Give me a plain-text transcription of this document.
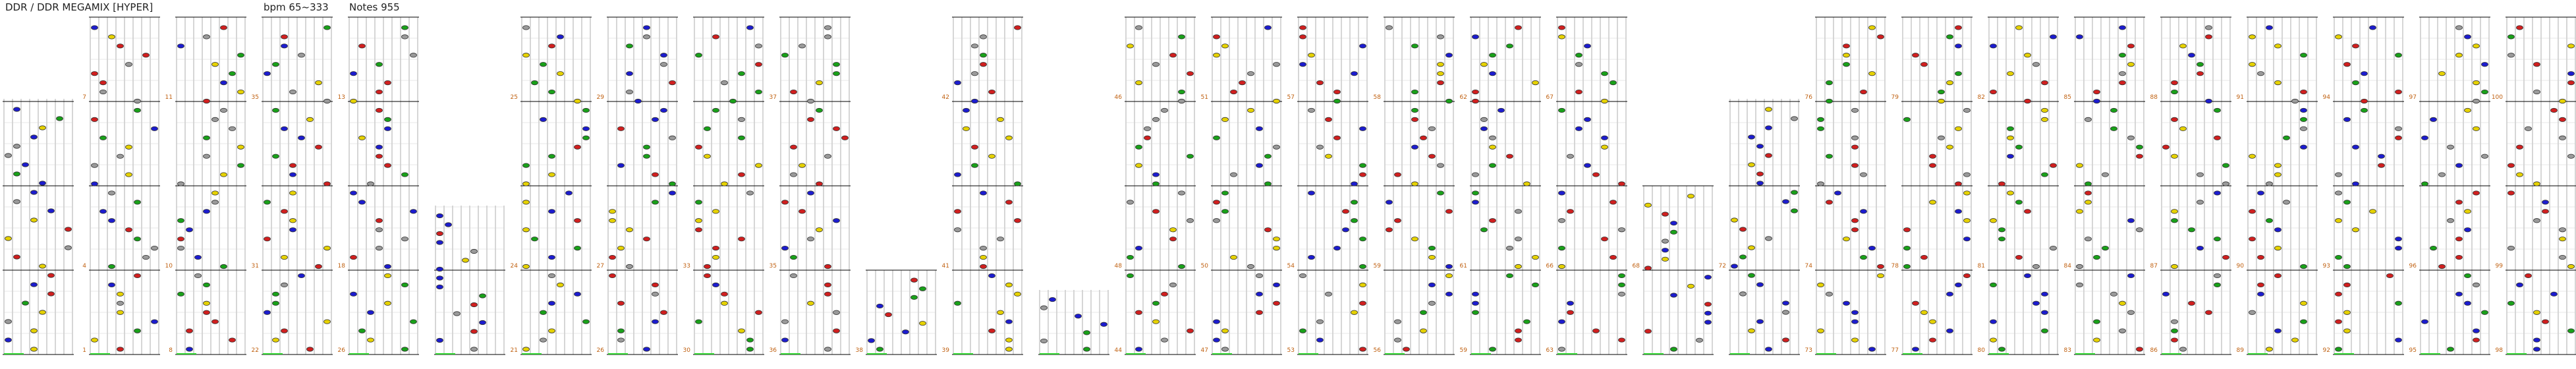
DDR / DDR MEGAMIX [HYPER]	bpm 65~333 Notes 955
1
4
7
8
10
11
22
31
35
26
18
13
21
24
25
26
27
29
30
33
36
35
37
38	39
41
42
44
48
46
47
50
51
53
54
57
56
59
58
59
61
62
63
66
67
68	72
73
74
76
77
78
79
80
81
82
83
84
85
86
87
88
89
90
91
92
93
94
95
96
97
98
99
100
